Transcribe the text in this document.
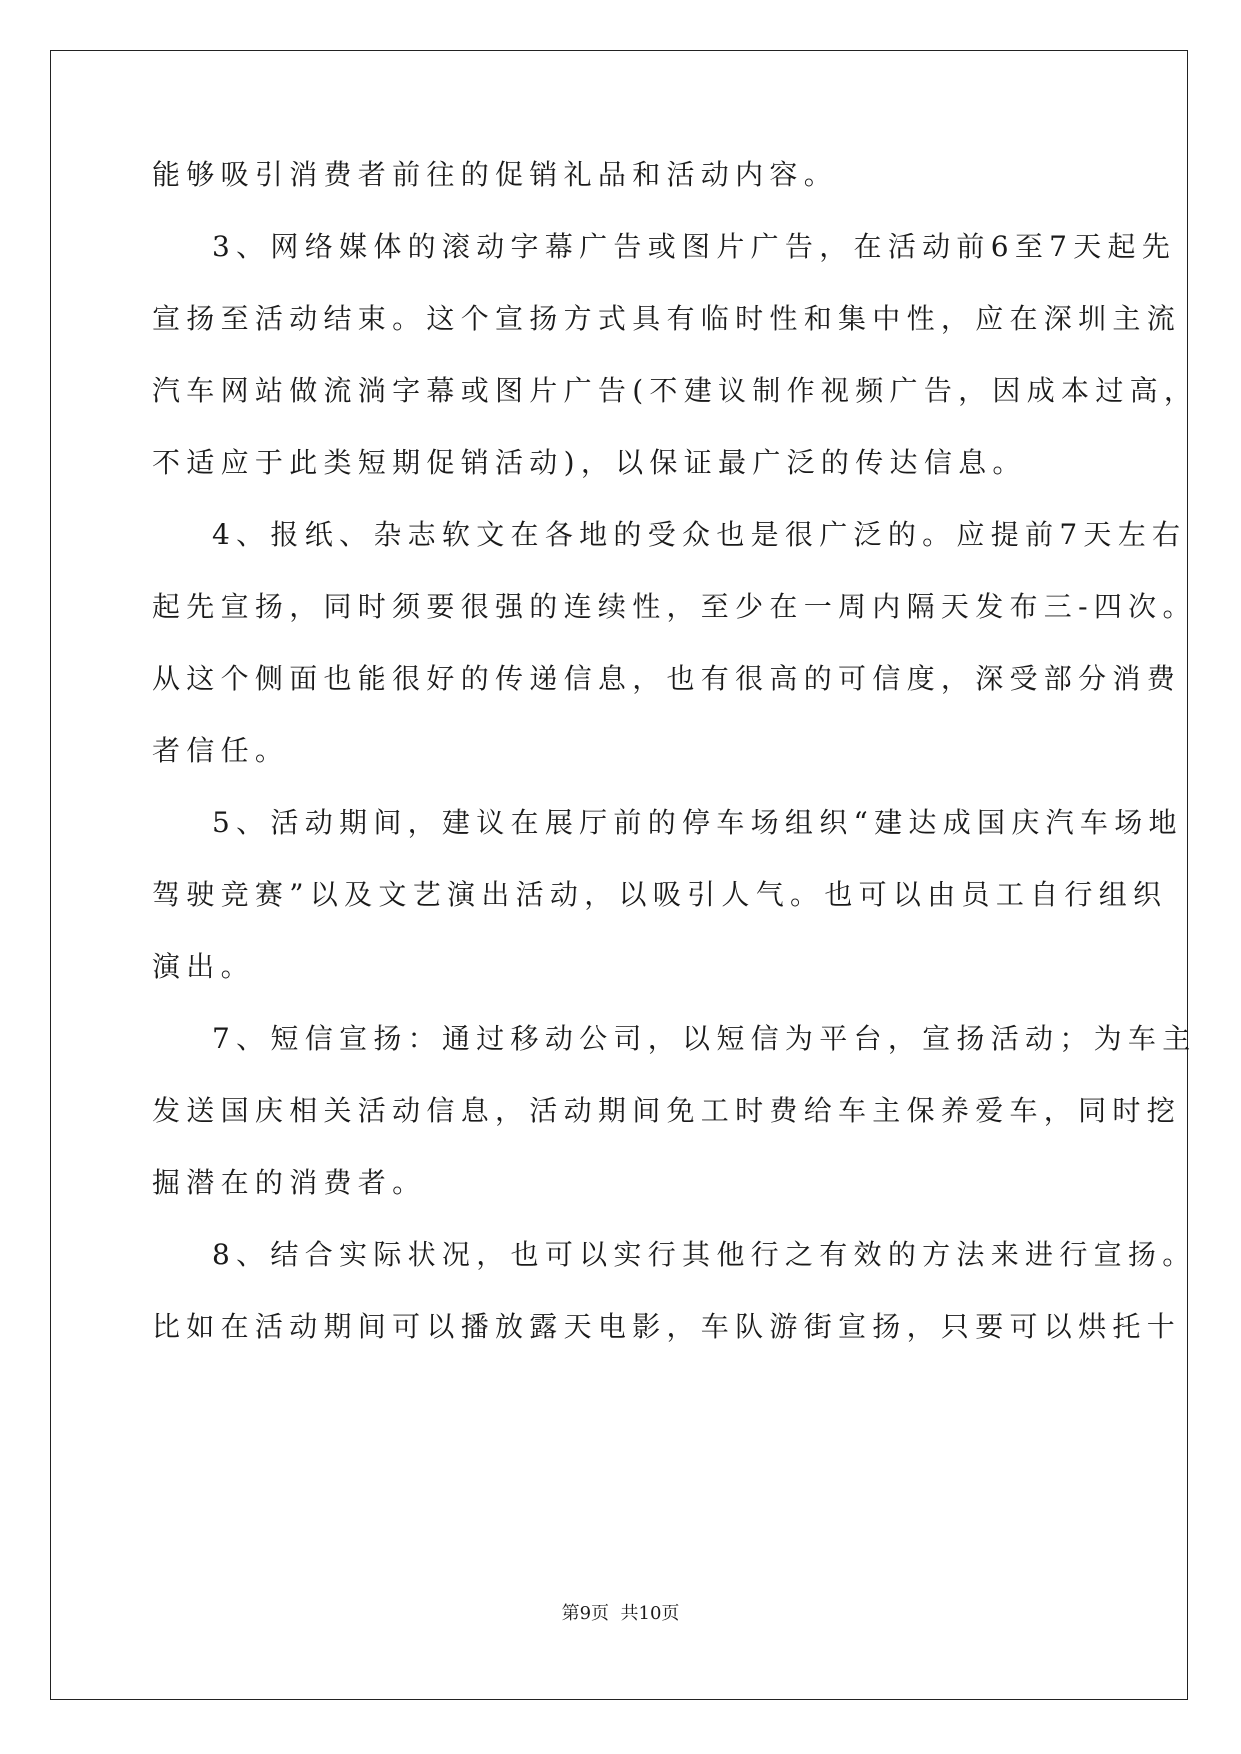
能够吸引消费者前往的促销礼品和活动内容。
3、网络媒体的滚动字幕广告或图片广告，在活动前6至7天起先
宣扬至活动结束。这个宣扬方式具有临时性和集中性，应在深圳主流
汽车网站做流淌字幕或图片广告(不建议制作视频广告，因成本过高，
不适应于此类短期促销活动)，以保证最广泛的传达信息。
4、报纸、杂志软文在各地的受众也是很广泛的。应提前7天左右
起先宣扬，同时须要很强的连续性，至少在一周内隔天发布三-四次。
从这个侧面也能很好的传递信息，也有很高的可信度，深受部分消费
者信任。
5、活动期间，建议在展厅前的停车场组织“建达成国庆汽车场地
驾驶竞赛”以及文艺演出活动，以吸引人气。也可以由员工自行组织
演出。
7、短信宣扬：通过移动公司，以短信为平台，宣扬活动；为车主
发送国庆相关活动信息，活动期间免工时费给车主保养爱车，同时挖
掘潜在的消费者。
8、结合实际状况，也可以实行其他行之有效的方法来进行宣扬。
比如在活动期间可以播放露天电影，车队游街宣扬，只要可以烘托十
第9页  共10页
